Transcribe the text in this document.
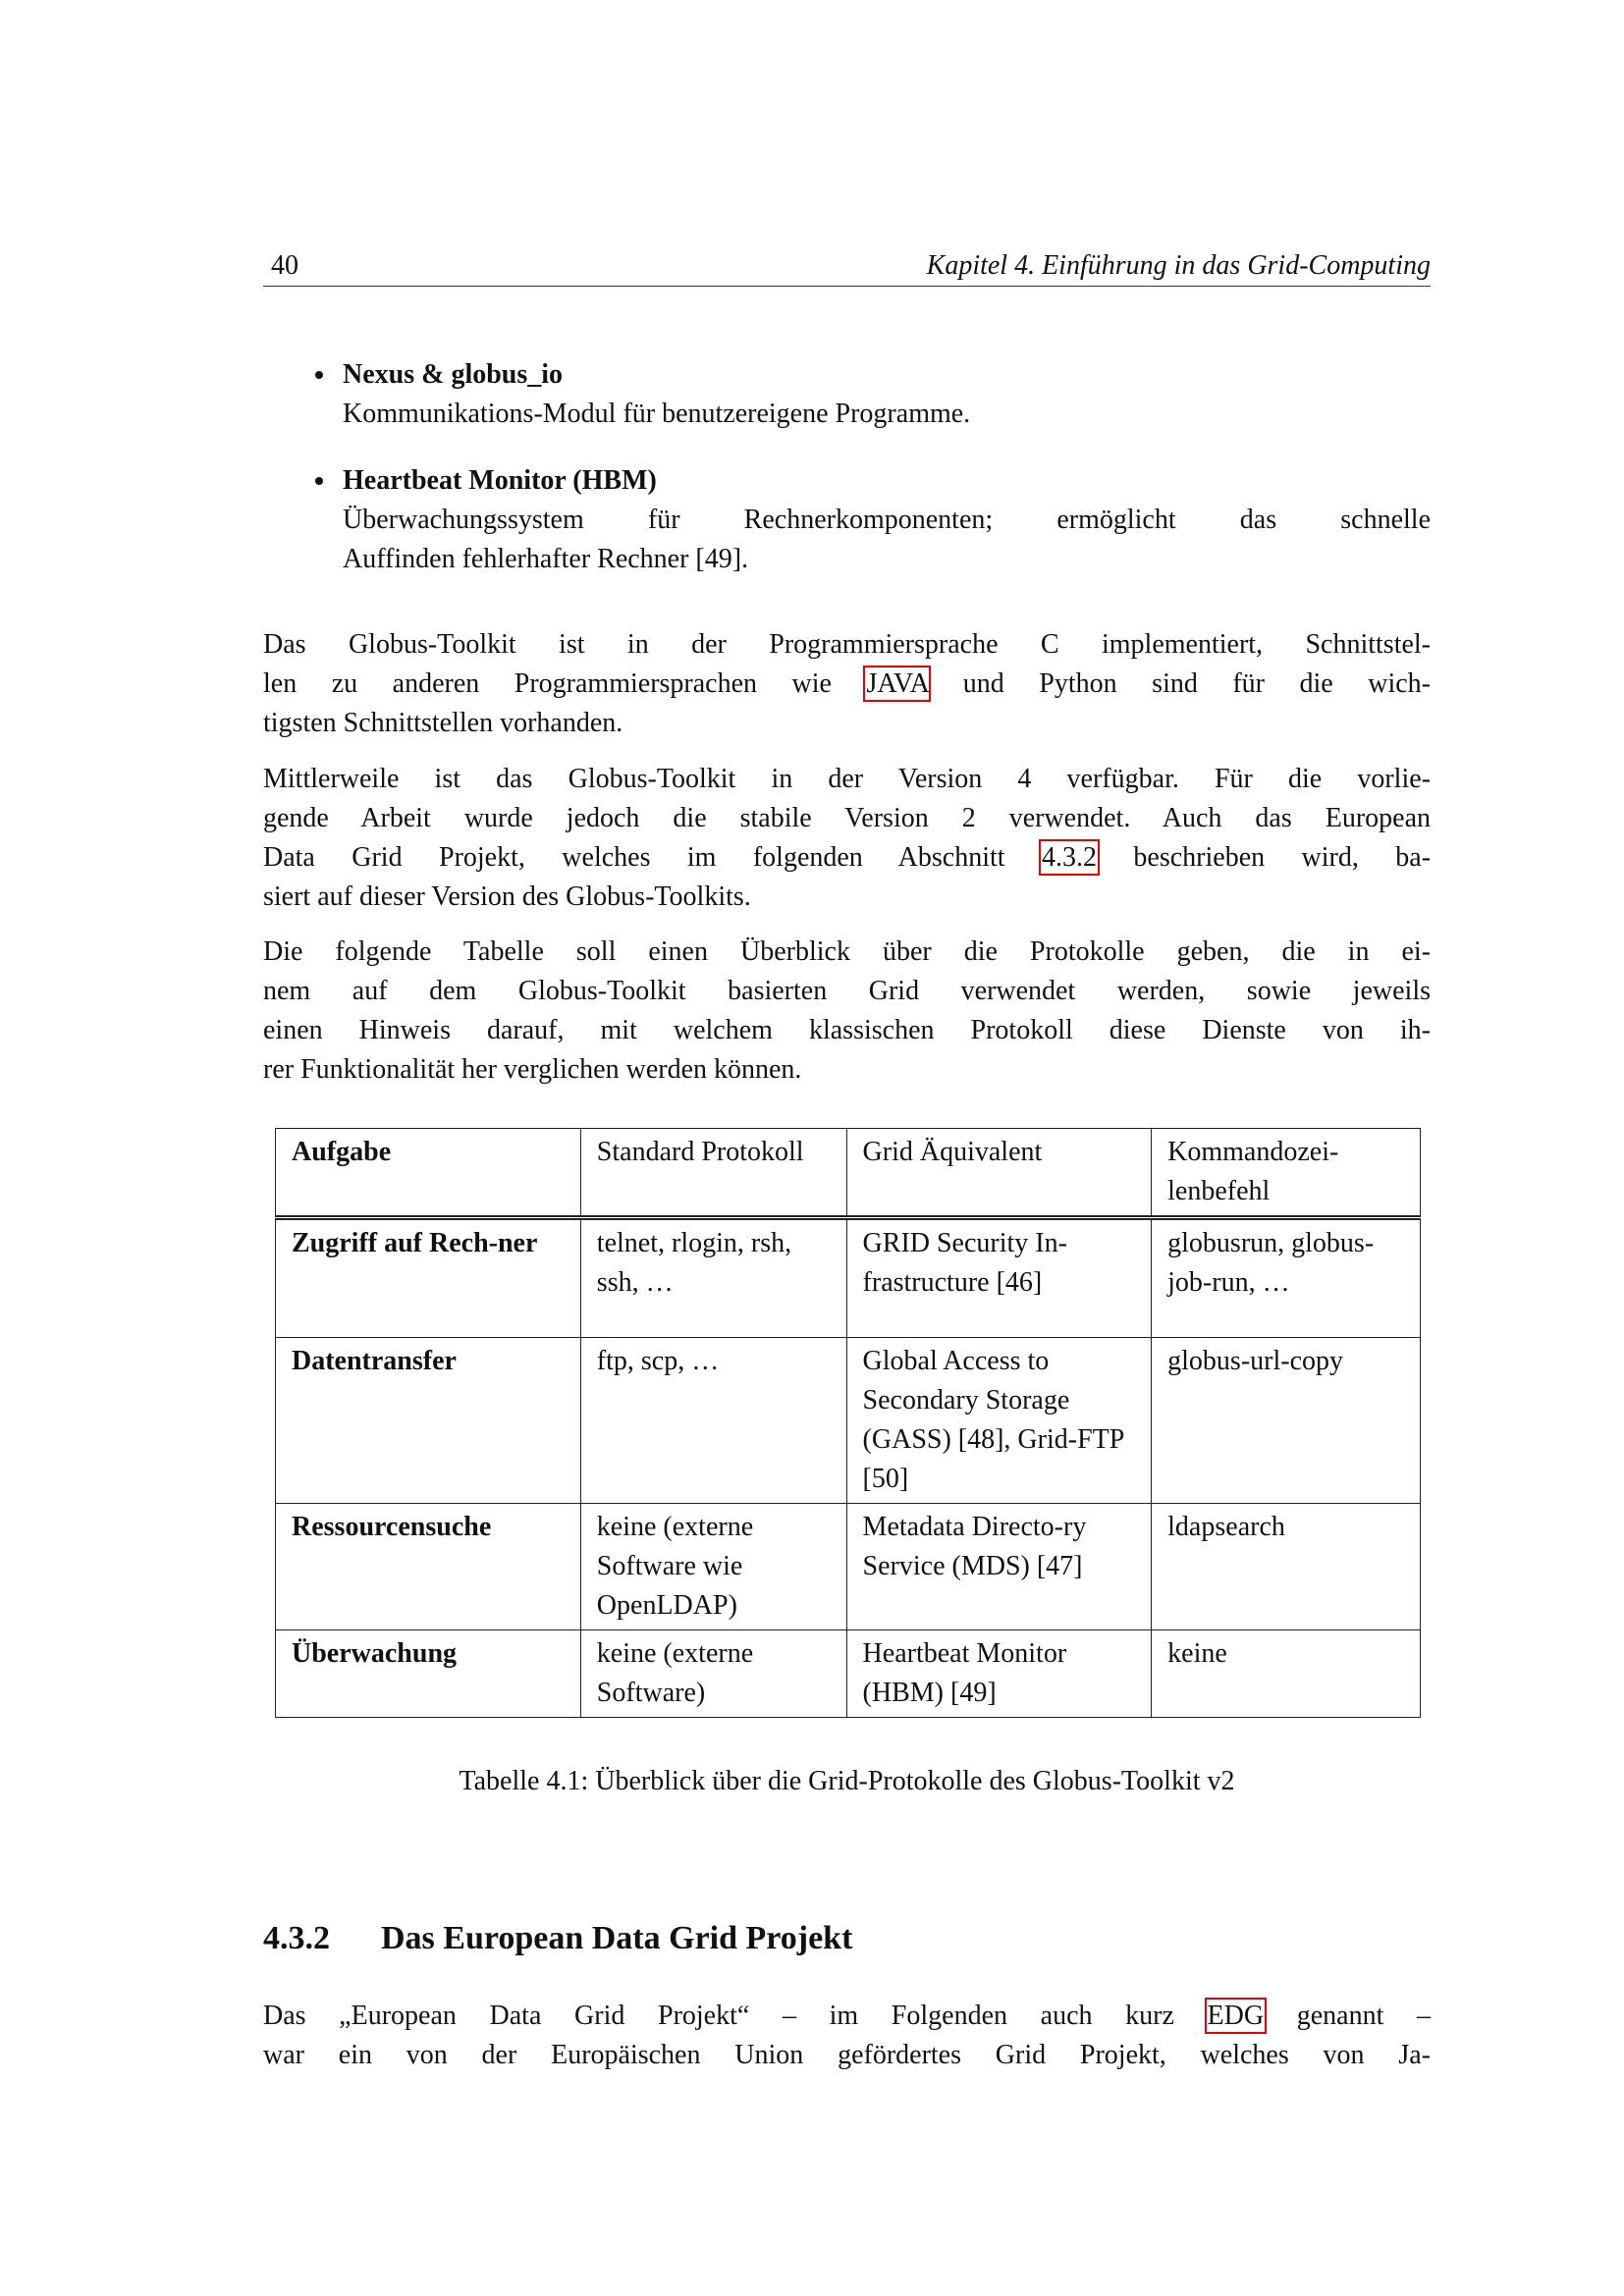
40	Kapitel 4. Einführung in das Grid-Computing
Nexus & globus_io
Kommunikations-Modul für benutzereigene Programme.
Heartbeat Monitor (HBM)
Überwachungssystem für Rechnerkomponenten; ermöglicht das schnelle
Auffinden fehlerhafter Rechner [49].
Das Globus-Toolkit ist in der Programmiersprache C implementiert, Schnittstel-
len zu anderen Programmiersprachen wie JAVA und Python sind für die wich-
tigsten Schnittstellen vorhanden.
Mittlerweile ist das Globus-Toolkit in der Version 4 verfügbar. Für die vorlie-
gende Arbeit wurde jedoch die stabile Version 2 verwendet. Auch das European
Data Grid Projekt, welches im folgenden Abschnitt 4.3.2 beschrieben wird, ba-
siert auf dieser Version des Globus-Toolkits.
Die folgende Tabelle soll einen Überblick über die Protokolle geben, die in ei-
nem auf dem Globus-Toolkit basierten Grid verwendet werden, sowie jeweils
einen Hinweis darauf, mit welchem klassischen Protokoll diese Dienste von ih-
rer Funktionalität her verglichen werden können.
Aufgabe	Standard Protokoll	Grid Äquivalent	Kommandozei-lenbefehl
Zugriff auf Rech-ner	telnet, rlogin, rsh, ssh, …	GRID Security In-frastructure [46]	globusrun, globus-job-run, …
Datentransfer	ftp, scp, …	Global Access to Secondary Storage (GASS) [48], Grid-FTP [50]	globus-url-copy
Ressourcensuche	keine (externe Software wie OpenLDAP)	Metadata Directo-ry Service (MDS) [47]	ldapsearch
Überwachung	keine (externe Software)	Heartbeat Monitor (HBM) [49]	keine
Tabelle 4.1: Überblick über die Grid-Protokolle des Globus-Toolkit v2
4.3.2 Das European Data Grid Projekt
Das „European Data Grid Projekt“ – im Folgenden auch kurz EDG genannt –
war ein von der Europäischen Union gefördertes Grid Projekt, welches von Ja-
